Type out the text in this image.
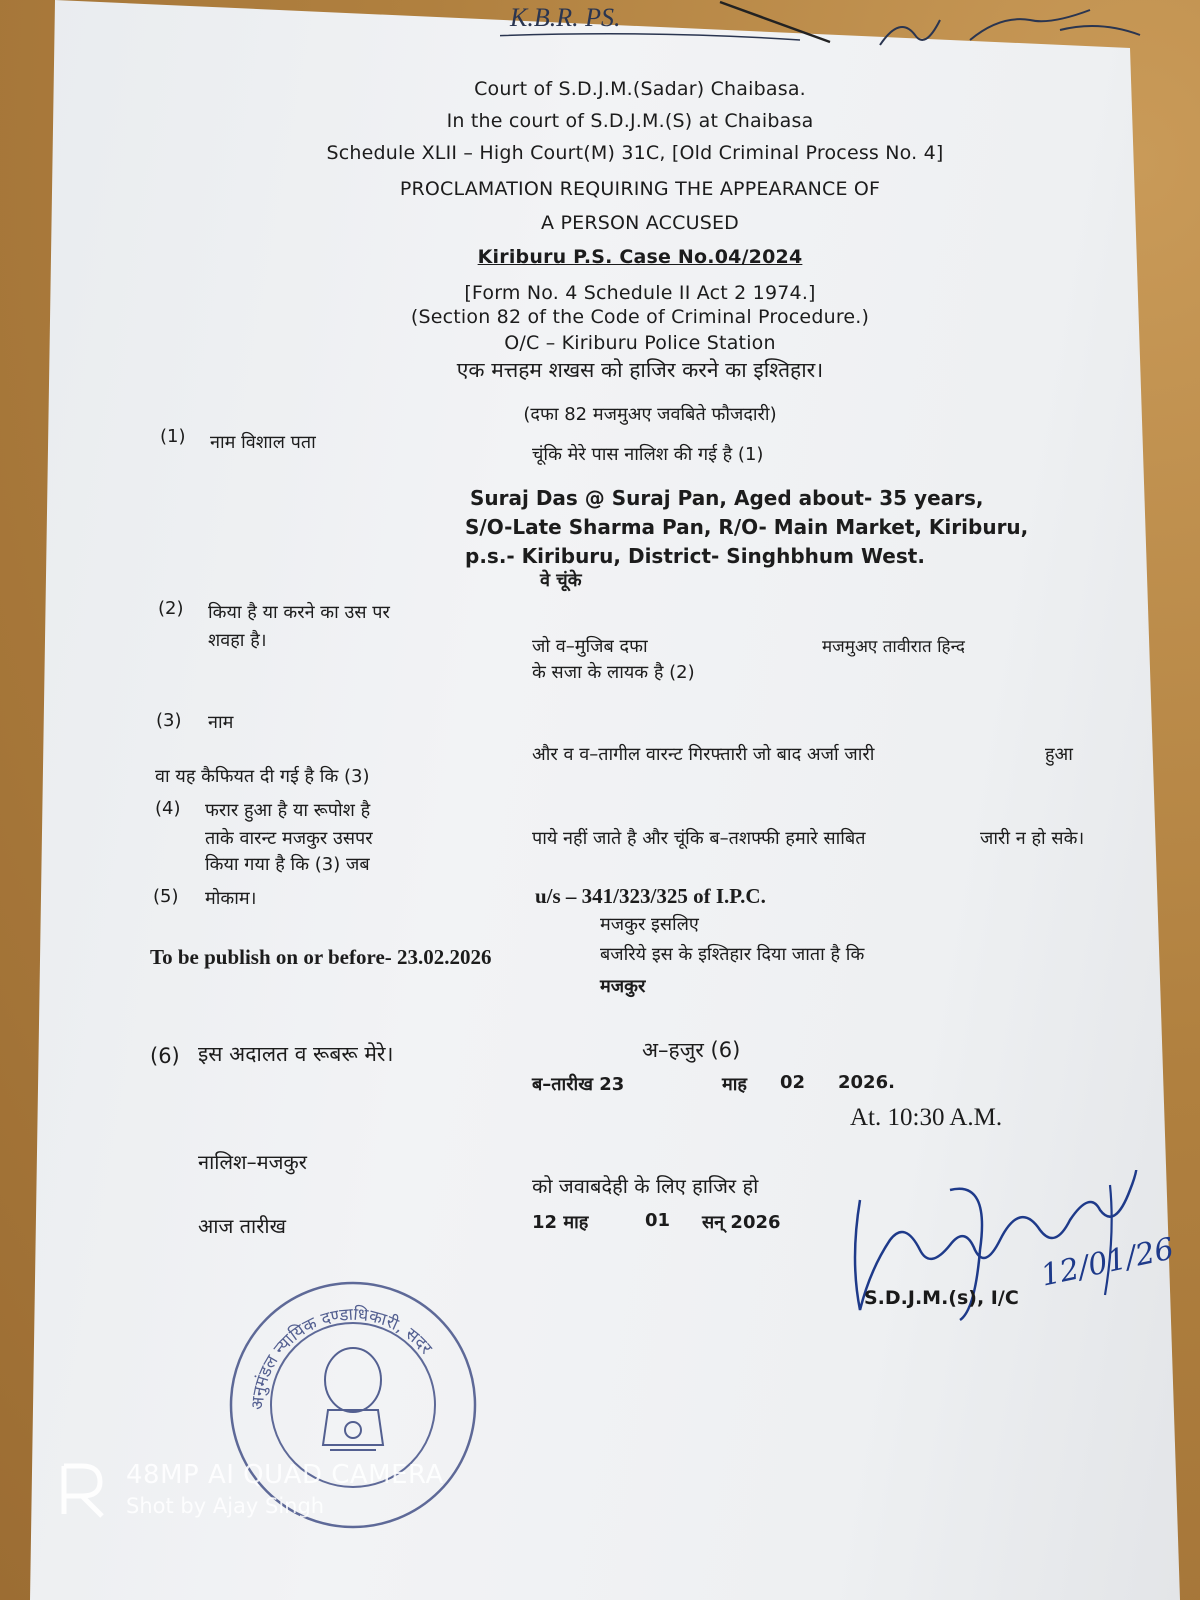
K.B.R. PS.
Court of S.D.J.M.(Sadar) Chaibasa.
In the court of S.D.J.M.(S) at Chaibasa
Schedule XLII – High Court(M) 31C, [Old Criminal Process No. 4]
PROCLAMATION REQUIRING THE APPEARANCE OF
A PERSON ACCUSED
Kiriburu P.S. Case No.04/2024
[Form No. 4 Schedule II Act 2 1974.]
(Section 82 of the Code of Criminal Procedure.)
O/C – Kiriburu Police Station
एक मत्तहम शखस को हाजिर करने का इश्तिहार।
(दफा 82 मजमुअए जवबिते फौजदारी)
(1) नाम विशाल पता
(2) किया है या करने का उस पर
शवहा है।
(3) नाम
वा यह कैफियत दी गई है कि (3)
(4) फरार हुआ है या रूपोश है
ताके वारन्ट मजकुर उसपर
किया गया है कि (3) जब
(5) मोकाम।
To be publish on or before- 23.02.2026
(6) इस अदालत व रूबरू मेरे।
नालिश–मजकुर
आज तारीख
चूंकि मेरे पास नालिश की गई है (1)
Suraj Das @ Suraj Pan, Aged about- 35 years,
S/O-Late Sharma Pan, R/O- Main Market, Kiriburu,
p.s.- Kiriburu, District- Singhbhum West.
वे चूंके
जो व–मुजिब दफा	मजमुअए तावीरात हिन्द
के सजा के लायक है (2)
और व व–तागील वारन्ट गिरफ्तारी जो बाद अर्जा जारी	हुआ
पाये नहीं जाते है और चूंकि ब–तशफ्फी हमारे साबित	जारी न हो सके।
u/s – 341/323/325 of I.P.C.
मजकुर इसलिए
बजरिये इस के इश्तिहार दिया जाता है कि
मजकुर
अ–हजुर (6)
ब–तारीख 23	माह 02 2026.
At. 10:30 A.M.
को जवाबदेही के लिए हाजिर हो
12 माह	01 सन् 2026
S.D.J.M.(s), I/C
12/01/26
अनुमंडल न्यायिक दण्डाधिकारी, सदर
48MP AI QUAD CAMERA
Shot by Ajay Singh
